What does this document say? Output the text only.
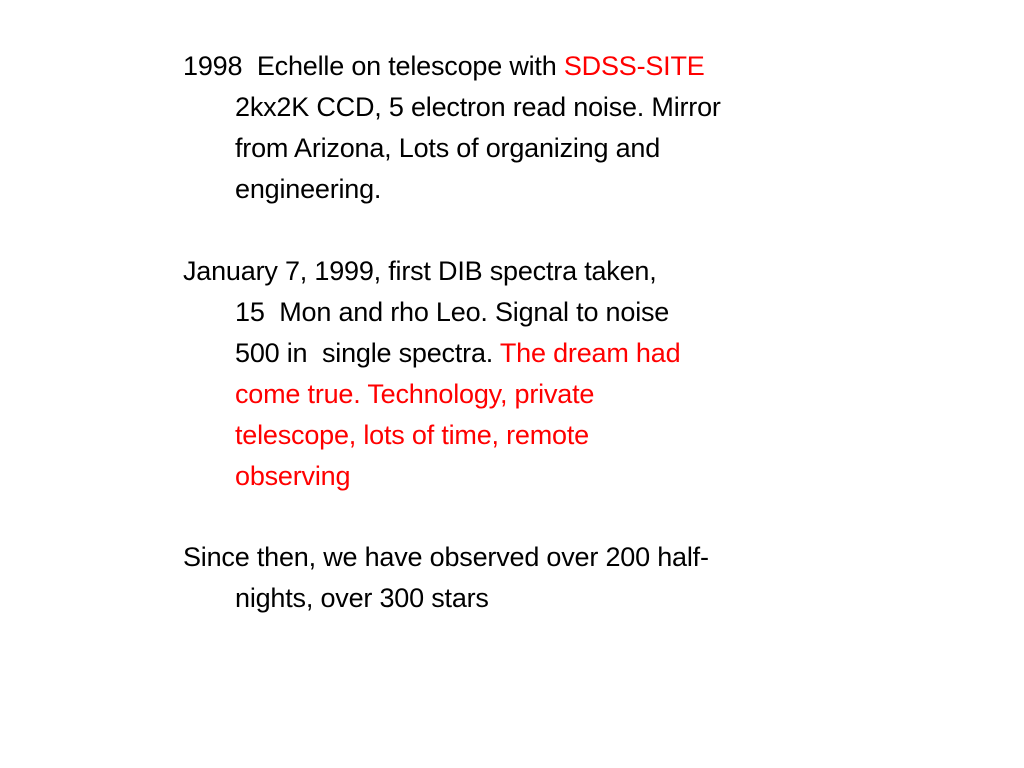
1998  Echelle on telescope with SDSS-SITE
2kx2K CCD, 5 electron read noise. Mirror
from Arizona, Lots of organizing and
engineering.
January 7, 1999, first DIB spectra taken,
15  Mon and rho Leo. Signal to noise
500 in  single spectra. The dream had
come true. Technology, private
telescope, lots of time, remote
observing
Since then, we have observed over 200 half-
nights, over 300 stars
